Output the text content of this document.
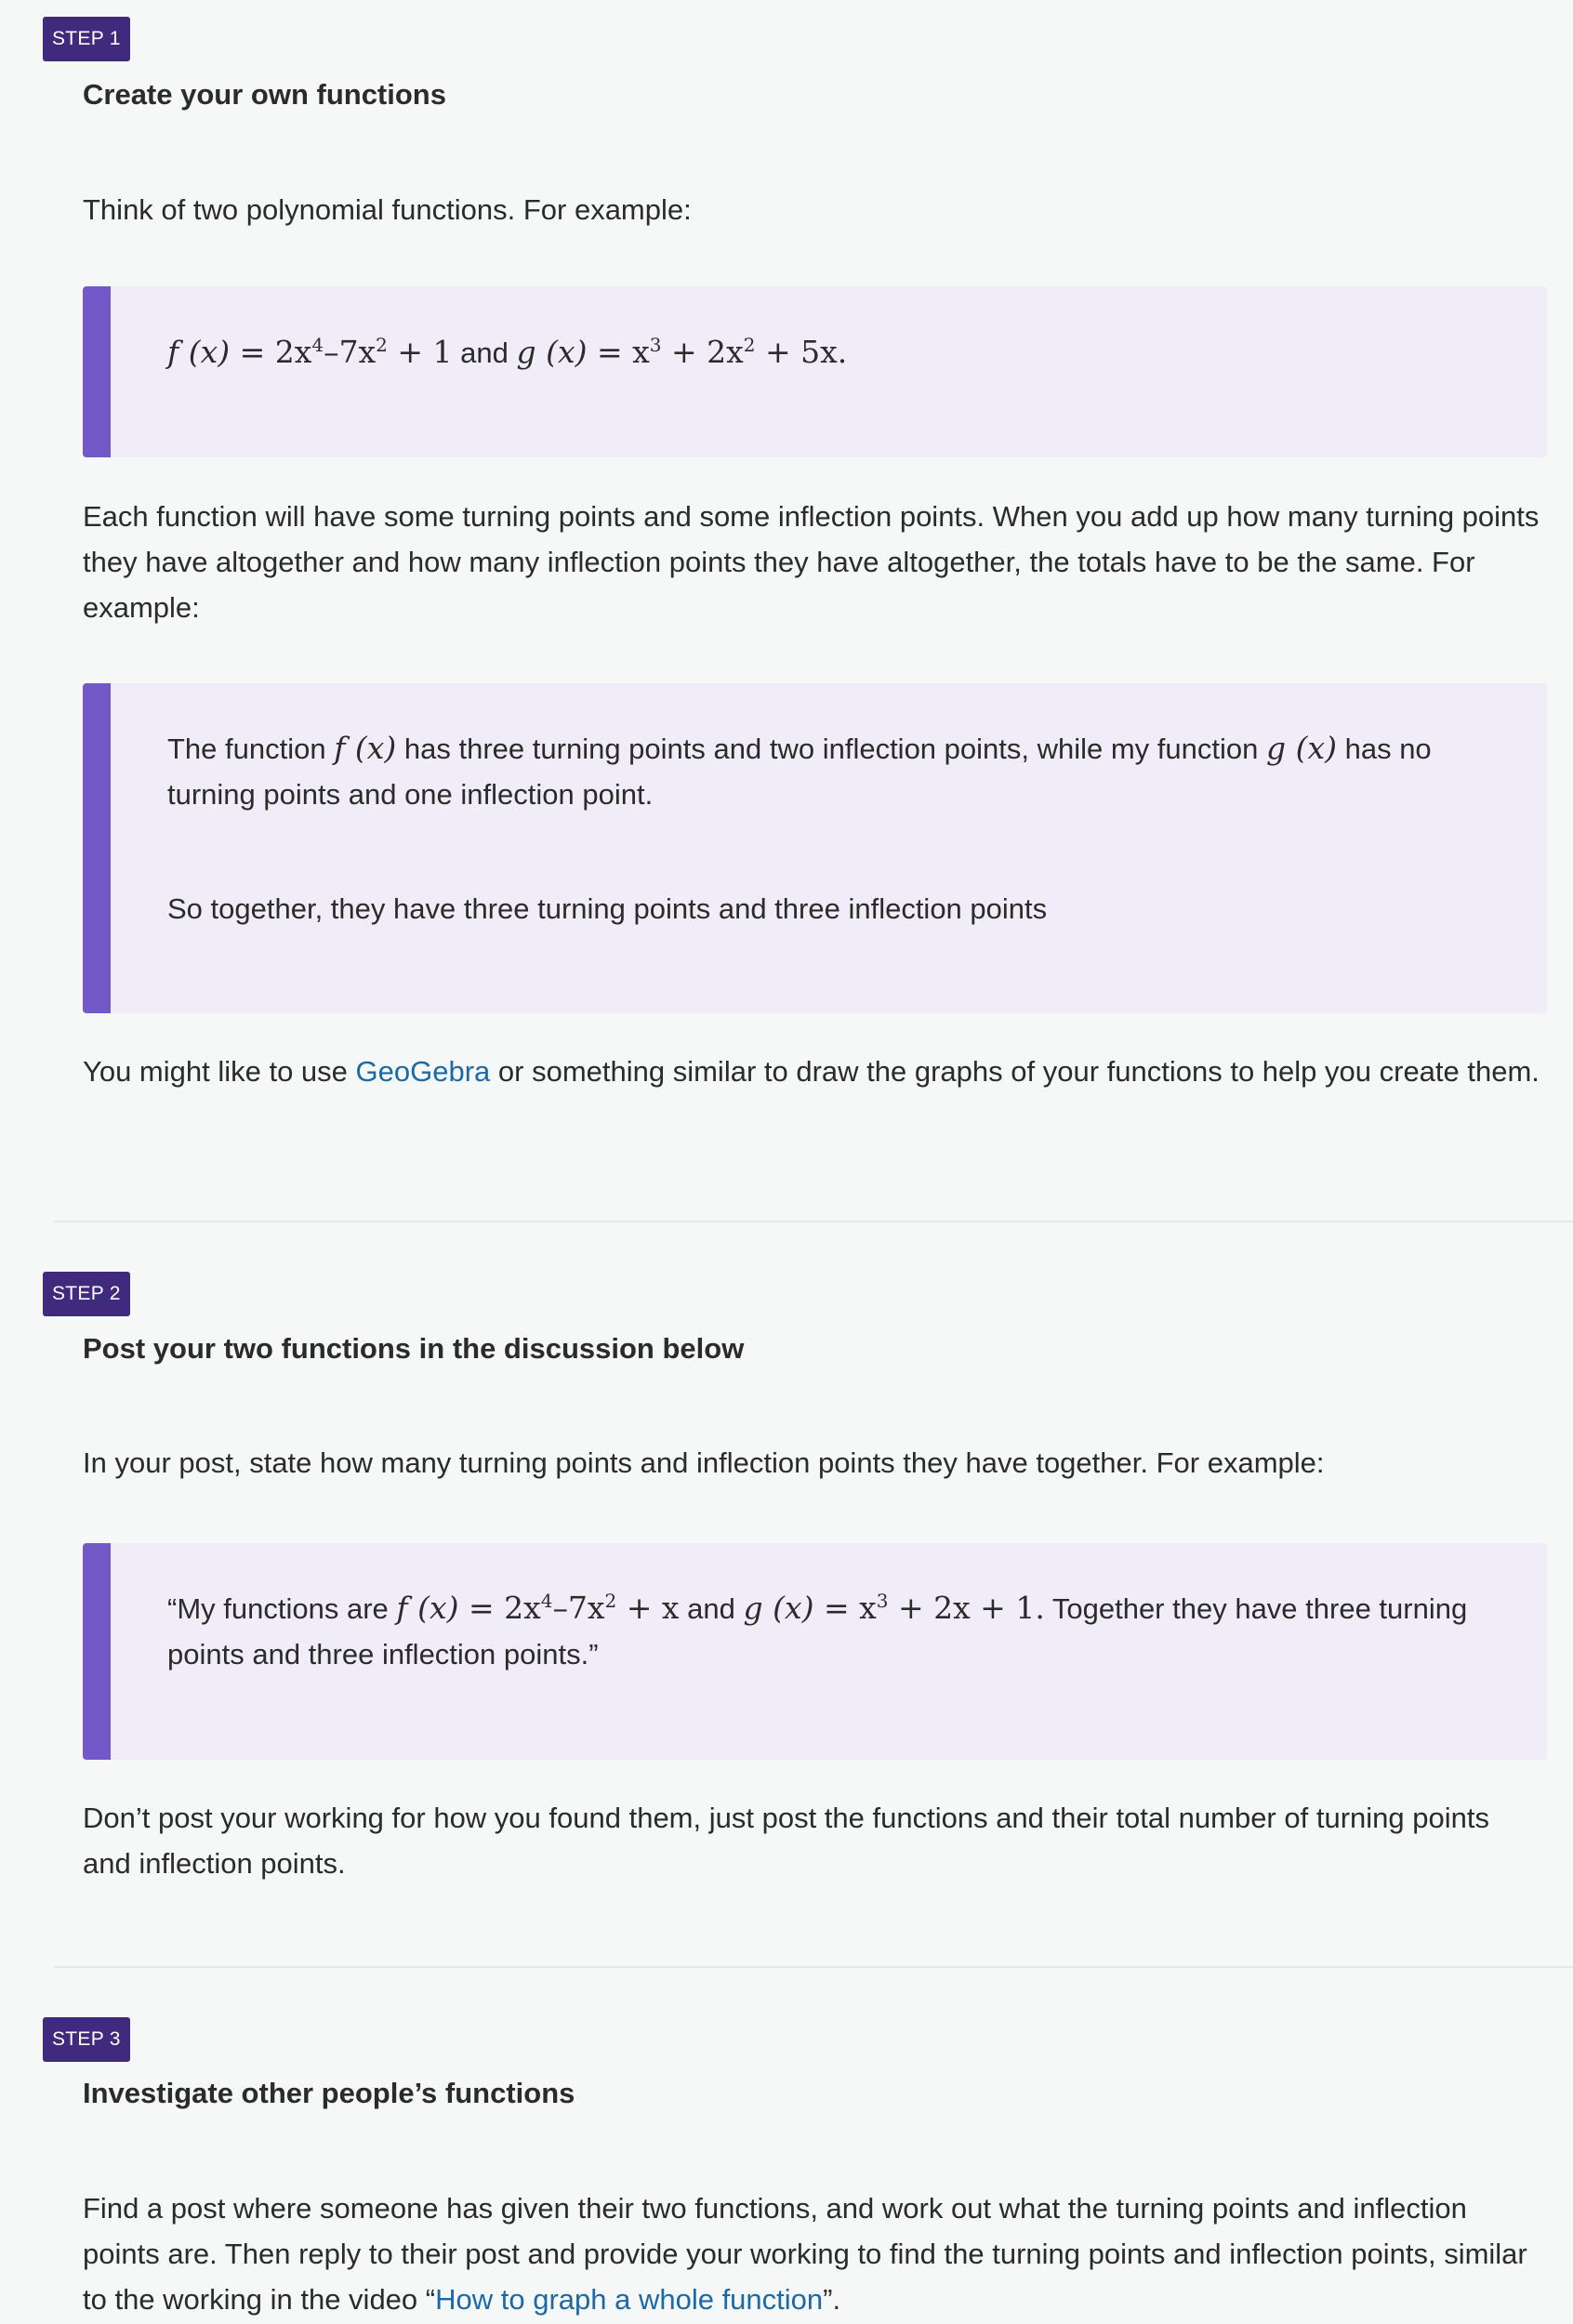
STEP 1
Create your own functions

Think of two polynomial functions. For example:

f $(x) = 2x^4-7x^2 + 1$ and g $(x) = x^3 + 2x^2 + 5x$.

Each function will have some turning points and some inflection points. When you add up how many turning points they have altogether and how many inflection points they have altogether, the totals have to be the same. For example:

The function f (x) has three turning points and two inflection points, while my function g (x) has no turning points and one inflection point.

So together, they have three turning points and three inflection points

You might like to use GeoGebra or something similar to draw the graphs of your functions to help you create them.

STEP 2
Post your two functions in the discussion below

In your post, state how many turning points and inflection points they have together. For example:

“My functions are f $(x) = 2x^4-7x^2 + x$ and g $(x) = x^3 + 2x + 1$. Together they have three turning points and three inflection points.”

Don’t post your working for how you found them, just post the functions and their total number of turning points and inflection points.

STEP 3
Investigate other people’s functions

Find a post where someone has given their two functions, and work out what the turning points and inflection points are. Then reply to their post and provide your working to find the turning points and inflection points, similar to the working in the video “How to graph a whole function”.
